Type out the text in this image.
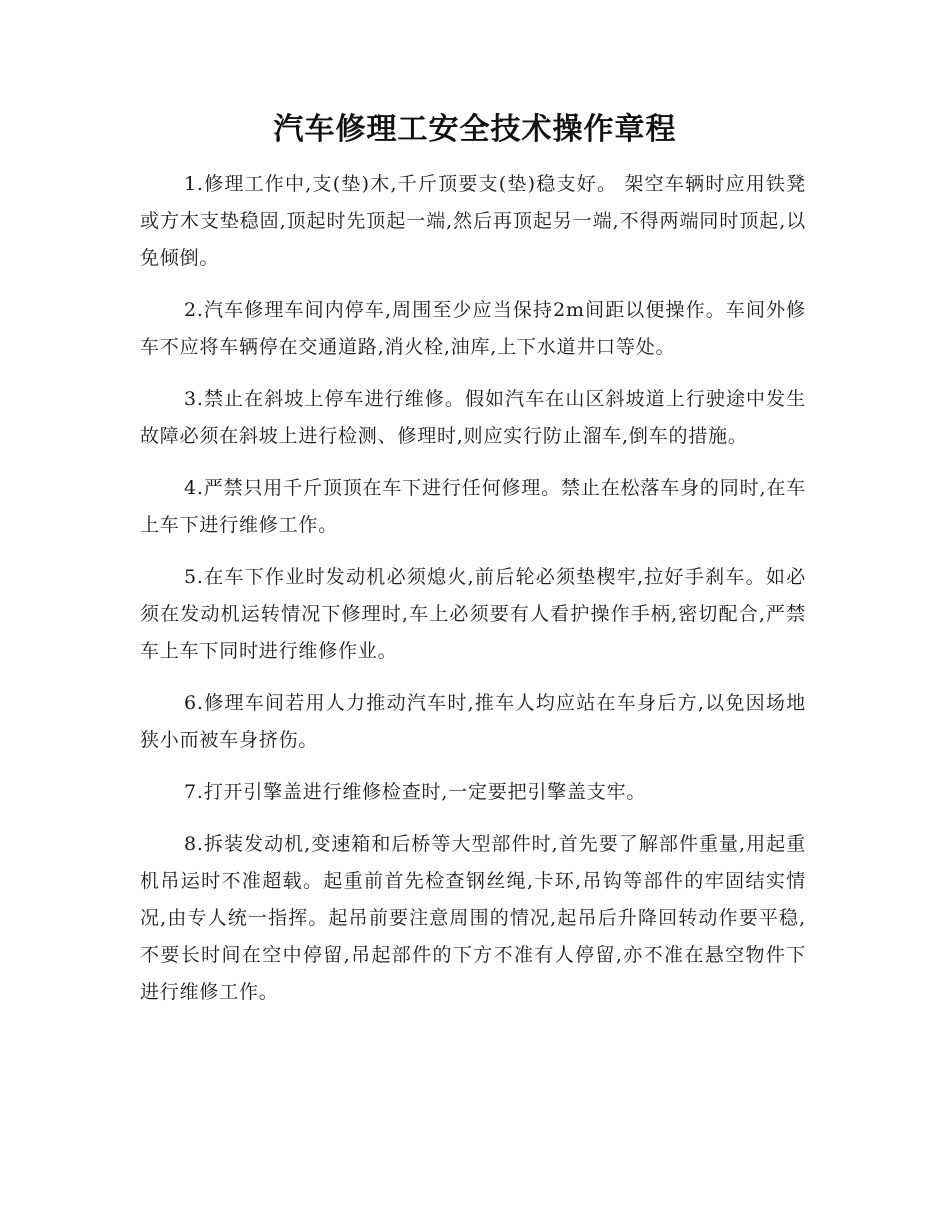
汽车修理工安全技术操作章程

1.修理工作中,支(垫)木,千斤顶要支(垫)稳支好。 架空车辆时应用铁凳或方木支垫稳固,顶起时先顶起一端,然后再顶起另一端,不得两端同时顶起,以免倾倒。

2.汽车修理车间内停车,周围至少应当保持2m间距以便操作。车间外修车不应将车辆停在交通道路,消火栓,油库,上下水道井口等处。

3.禁止在斜坡上停车进行维修。假如汽车在山区斜坡道上行驶途中发生故障必须在斜坡上进行检测、修理时,则应实行防止溜车,倒车的措施。

4.严禁只用千斤顶顶在车下进行任何修理。禁止在松落车身的同时,在车上车下进行维修工作。

5.在车下作业时发动机必须熄火,前后轮必须垫楔牢,拉好手刹车。如必须在发动机运转情况下修理时,车上必须要有人看护操作手柄,密切配合,严禁车上车下同时进行维修作业。

6.修理车间若用人力推动汽车时,推车人均应站在车身后方,以免因场地狭小而被车身挤伤。

7.打开引擎盖进行维修检查时,一定要把引擎盖支牢。

8.拆装发动机,变速箱和后桥等大型部件时,首先要了解部件重量,用起重机吊运时不准超载。起重前首先检查钢丝绳,卡环,吊钩等部件的牢固结实情况,由专人统一指挥。起吊前要注意周围的情况,起吊后升降回转动作要平稳,不要长时间在空中停留,吊起部件的下方不准有人停留,亦不准在悬空物件下进行维修工作。
